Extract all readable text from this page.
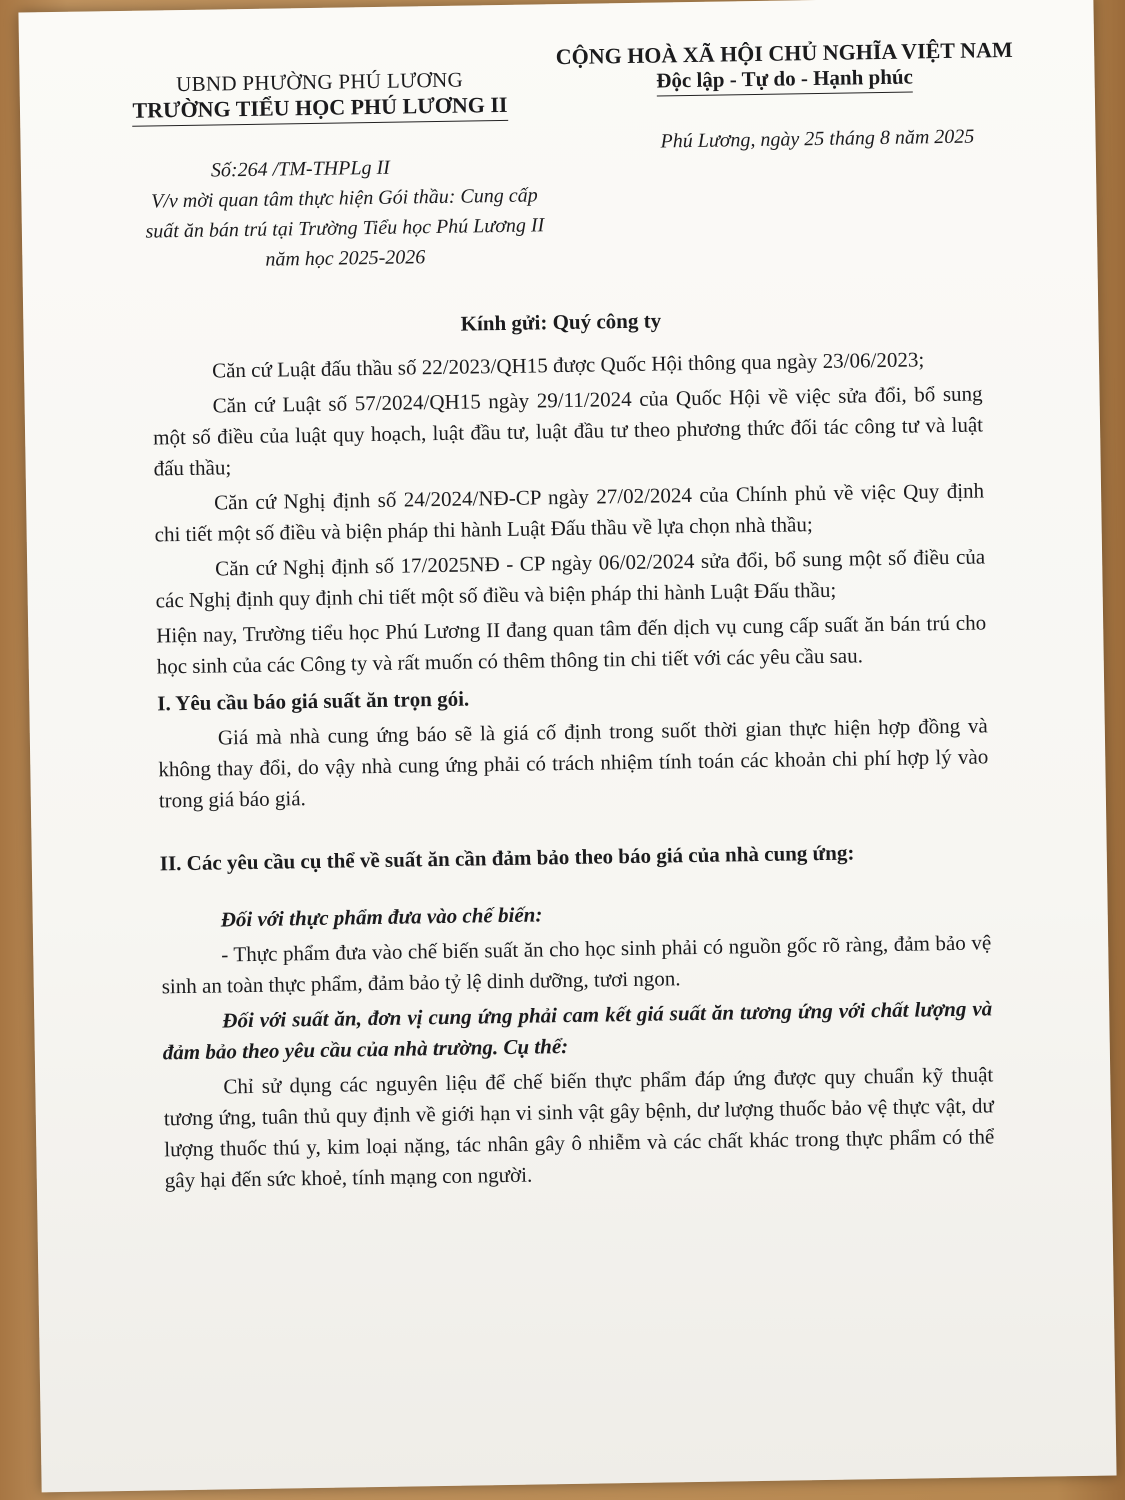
UBND PHƯỜNG PHÚ LƯƠNG
TRƯỜNG TIỂU HỌC PHÚ LƯƠNG II
CỘNG HOÀ XÃ HỘI CHỦ NGHĨA VIỆT NAM
Độc lập - Tự do - Hạnh phúc
Phú Lương, ngày 25 tháng 8 năm 2025
Số:264 /TM-THPLg II
V/v mời quan tâm thực hiện Gói thầu: Cung cấp suất ăn bán trú tại Trường Tiểu học Phú Lương II năm học 2025-2026
Kính gửi: Quý công ty

Căn cứ Luật đấu thầu số 22/2023/QH15 được Quốc Hội thông qua ngày 23/06/2023;

Căn cứ Luật số 57/2024/QH15 ngày 29/11/2024 của Quốc Hội về việc sửa đổi, bổ sung một số điều của luật quy hoạch, luật đầu tư, luật đầu tư theo phương thức đối tác công tư và luật đấu thầu;

Căn cứ Nghị định số 24/2024/NĐ-CP ngày 27/02/2024 của Chính phủ về việc Quy định chi tiết một số điều và biện pháp thi hành Luật Đấu thầu về lựa chọn nhà thầu;

Căn cứ Nghị định số 17/2025NĐ - CP ngày 06/02/2024 sửa đổi, bổ sung một số điều của các Nghị định quy định chi tiết một số điều và biện pháp thi hành Luật Đấu thầu;

Hiện nay, Trường tiểu học Phú Lương II đang quan tâm đến dịch vụ cung cấp suất ăn bán trú cho học sinh của các Công ty và rất muốn có thêm thông tin chi tiết với các yêu cầu sau.

I. Yêu cầu báo giá suất ăn trọn gói.

Giá mà nhà cung ứng báo sẽ là giá cố định trong suốt thời gian thực hiện hợp đồng và không thay đổi, do vậy nhà cung ứng phải có trách nhiệm tính toán các khoản chi phí hợp lý vào trong giá báo giá.

II. Các yêu cầu cụ thể về suất ăn cần đảm bảo theo báo giá của nhà cung ứng:

Đối với thực phẩm đưa vào chế biến:

- Thực phẩm đưa vào chế biến suất ăn cho học sinh phải có nguồn gốc rõ ràng, đảm bảo vệ sinh an toàn thực phẩm, đảm bảo tỷ lệ dinh dưỡng, tươi ngon.

Đối với suất ăn, đơn vị cung ứng phải cam kết giá suất ăn tương ứng với chất lượng và đảm bảo theo yêu cầu của nhà trường. Cụ thể:

Chỉ sử dụng các nguyên liệu để chế biến thực phẩm đáp ứng được quy chuẩn kỹ thuật tương ứng, tuân thủ quy định về giới hạn vi sinh vật gây bệnh, dư lượng thuốc bảo vệ thực vật, dư lượng thuốc thú y, kim loại nặng, tác nhân gây ô nhiễm và các chất khác trong thực phẩm có thể gây hại đến sức khoẻ, tính mạng con người.
